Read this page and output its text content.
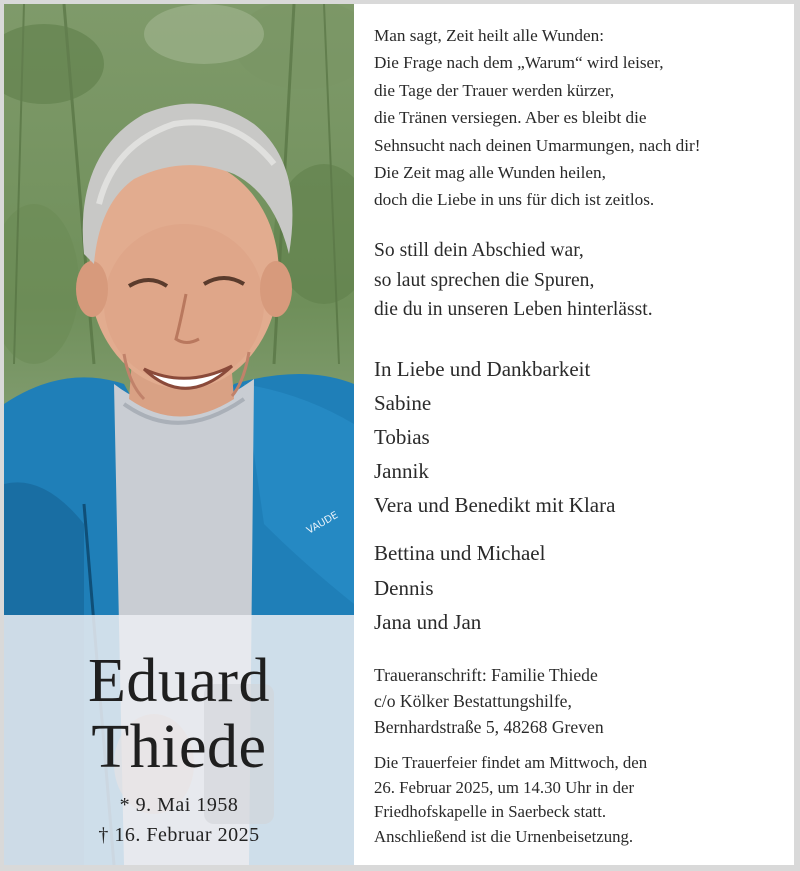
VAUDE
Eduard
Thiede
* 9. Mai 1958
† 16. Februar 2025
Man sagt, Zeit heilt alle Wunden:
Die Frage nach dem „Warum“ wird leiser,
die Tage der Trauer werden kürzer,
die Tränen versiegen. Aber es bleibt die
Sehnsucht nach deinen Umarmungen, nach dir!
Die Zeit mag alle Wunden heilen,
doch die Liebe in uns für dich ist zeitlos.
So still dein Abschied war,
so laut sprechen die Spuren,
die du in unseren Leben hinterlässt.
In Liebe und Dankbarkeit
Sabine
Tobias
Jannik
Vera und Benedikt mit Klara
Bettina und Michael
Dennis
Jana und Jan
Traueranschrift: Familie Thiede
c/o Kölker Bestattungshilfe,
Bernhardstraße 5, 48268 Greven
Die Trauerfeier findet am Mittwoch, den
26. Februar 2025, um 14.30 Uhr in der
Friedhofskapelle in Saerbeck statt.
Anschließend ist die Urnenbeisetzung.
